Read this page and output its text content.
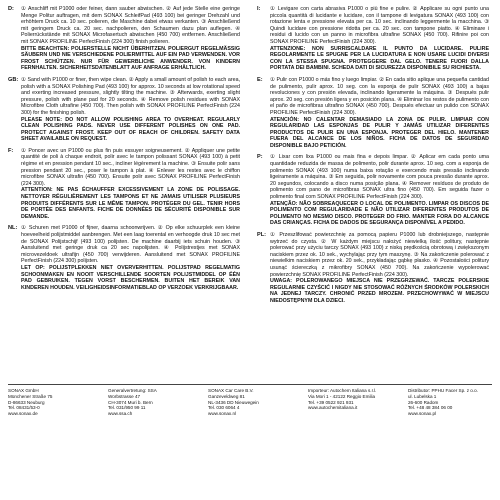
D:	① Anschliff mit P1000 oder feiner, dann sauber abwischen. ② Auf jede Stelle eine geringe Menge Politur auftragen, mit dem SONAX SchleifPad (493 100) bei geringer Drehzahl und erhöhtem Druck ca. 10 sec. polieren, die Maschine dabei etwas verkanten. ③ Anschließend mit geringem Druck ca. 20 sec. nachpolieren, den Schaumen dazu plan auflegen. ④ Polierrückstände mit SONAX Microfasertuch abwischen (450 700) entfernen. Anschließend mit SONAX PROFILINE PerfectFinish (224 300) finish polieren.

BITTE BEACHTEN: POLIERSTELLE NICHT ÜBERHITZEN. POLIERGUT REGELMÄSSIG SÄUBERN UND NIE VERSCHIEDENE POLIERMITTEL AUF EIN PAD VERWENDEN. VOR FROST SCHÜTZEN. NUR FÜR GEWERBLICHE ANWENDER. VON KINDERN FERNHALTEN. SICHERHEITSDATENBLATT AUF ANFRAGE ERHÄLTLICH.

GB: ① Sand with P1000 or finer, then wipe clean. ② Apply a small amount of polish to each area, polish with a SONAX Polishing Pad (493 100) for approx. 10 seconds at low rotational speed and exerting increased pressure, slightly tilting the machine. ③ Afterwards, exerting slight pressure, polish with plane pad for 20 seconds. ④ Remove polish residues with SONAX Microfibre Cloth ultrafine (450 700). Then polish with SONAX PROFILINE PerfectFinish (224 300) for the finishing polish.

PLEASE NOTE: DO NOT ALLOW POLISHING AREA TO OVERHEAT. REGULARLY CLEAN POLISHING PADS. NEVER USE DIFFERENT POLISHES ON ONE PAD. PROTECT AGAINST FROST. KEEP OUT OF REACH OF CHILDREN. SAFETY DATA SHEET AVAILABLE ON REQUEST.

F:	① Poncer avec un P1000 ou plus fin puis essuyer soigneusement. ② Appliquer une petite quantité de poli à chaque endroit, polir avec le tampon polissant SONAX (493 100) à petit régime et en pression pendant 10 sec., incliner légèrement la machine. ③ Ensuite polir sans pression pendant 20 sec., poser le tampon à plat. ④ Enlever les restes avec le chiffon microfibre SONAX ultrafin (450 700). Ensuite polir avec SONAX PROFILINE PerfectFinish (224 300).

ATTENTION: NE PAS ÉCHAUFFER EXCESSIVEMENT LA ZONE DE POLISSAGE. NETTOYER RÉGULIÈREMENT LES TAMPONS ET NE JAMAIS UTILISER PLUSIEURS PRODUITS DIFFÉRENTS SUR LE MÊME TAMPON. PROTÉGER DU GEL. TENIR HORS DE PORTÉE DES ENFANTS. FICHE DE DONNÉES DE SÉCURITÉ DISPONIBLE SUR DEMANDE.

NL: ① Schuren met P1000 of fijner, daarna schoonwrijven. ② Op elke schuurplek een kleine hoeveelheid polijstmiddel aanbrengen. Met een laag toerental en verhoogde druk 10 sec met de SONAX Polijstschijf (493 100) polijsten. De machine daarbij iets schuin houden. ③ Aansluitend met geringe druk ca 20 sec napolijsten. ④ Polijstrestjes met SONAX microvezeldoek ultrafijn (450 700) verwijderen. Aansluitend met SONAX PROFILINE PerfectFinish (224 300) polijsten.

LET OP: POLIJSTPLEKKEN NIET OVERVERHITTEN. POLIJSTPAD REGELMATIG SCHOONMAKEN EN NOOIT VERSCHILLENDE SOORTEN POLIJSTMIDDEL OP ÉÉN PAD GEBRUIKEN. TEGEN VORST BESCHERMEN. BUITEN HET BEREIK VAN KINDEREN HOUDEN. VEILIGHEIDSINFORMATIEBLAD OP VERZOEK VERKRIJGBAAR.

I:	① Levigare con carta abrasiva P1000 o più fine e pulire. ② Applicare su ogni punto una piccola quantità di lucidante e lucidare, con il tampone di levigatura SONAX (493 100) con rotazione lenta e pressione elevata per ca. 10 sec. inclinando leggermente la macchina. ③ Quindi lucidare con pressione ridotta per ca. 20 sec. con tampone piatto. ④ Eliminare i residui di lucido con un panno in microfibra ultrafine SONAX (450 700). Rifinire poi con SONAX PROFILINE PerfectFinish (224 300).

ATTENZIONE: NON SURRISCALDARE IL PUNTO DA LUCIDARE. PULIRE REGOLARMENTE LE SPUGNE PER LA LUCIDATURA E NON USARE LUCIDI DIVERSI CON LA STESSA SPUGNA. PROTEGGERE DAL GELO. TENERE FUORI DALLA PORTATA DEI BAMBINI. SCHEDA DATI DI SICUREZZA DISPONIBILE SU RICHIESTA.

E:	① Pulir con P1000 o más fino y luego limpiar. ② En cada sitio aplique una pequeña cantidad de pulimento, pulir aprox. 10 seg. con la esponja de pulir SONAX (493 100) a bajas revoluciones y con presión elevada, inclinando ligeramente la máquina. ③ Después pulir aprox. 20 seg. con presión ligera y en posición plana. ④ Eliminar los restos de pulimento con el paño de microfibras ultrafino SONAX (450 700). Después efectuar un pulido con SONAX PROFILINE PerfectFinish (224 300).

ATENCIÓN: NO CALENTAR DEMASIADO LA ZONA DE PULIR. LIMPIAR CON REGULARIDAD LAS ESPONJAS DE PULIR Y JAMÁS UTILIZAR DIFERENTES PRODUCTOS DE PULIR EN UNA ESPONJA. PROTEGER DEL HIELO. MANTENER FUERA DEL ALCANCE DE LOS NIÑOS. FICHA DE DATOS DE SEGURIDAD DISPONIBLE BAJO PETICIÓN.

P:	① Lixar com lixa P1000 ou mais fina e depois limpar. ② Aplicar em cada ponto uma quantidade reduzida de massa de polimento, polir durante aprox. 10 seg. com a esponja de polimento SONAX (493 100) numa baixa rotação e exercendo mais pressão inclinando ligeiramente a máquina. ③ Em seguida, polir novamente com pouca pressão durante aprox. 20 segundos, colocando a disco numa posição plana. ④ Remover resíduos de produto de polimento com pano de microfibras SONAX ultra fino (450 700). Em seguida fazer o polimento final com SONAX PROFILINE PerfectFinish (224 300).

ATENÇÃO: NÃO SOBREAQUECER O LOCAL DE POLIMENTO. LIMPAR OS DISCOS DE POLIMENTO COM REGULARIDADE E NÃO UTILIZAR DIFERENTES PRODUTOS DE POLIMENTO NO MESMO DISCO. PROTEGER DO FRIO. MANTER FORA DO ALCANCE DAS CRIANÇAS. FICHA DE DADOS DE SEGURANÇA DISPONÍVEL A PEDIDO.

PL: ① Przeszlifować powierzchnię za pomocą papieru P1000 lub drobniejszego, następnie wytrzeć do czysta. ② W każdym miejscu nałożyć niewielką ilość politury, następnie polerować przy użyciu tarczy SONAX (493 100) z niską prędkością obrotową i zwiększonym naciskiem przez ok. 10 sek., wychylając przy tym maszynę. ③ Na zakończenie polerować z niewielkim naciskiem przez ok. 20 sek., przykładając gąbkę płasko. ④ Pozostałości politury usunąć ściereczką z mikrofibry SONAX (450 700). Na zakończenie wypolerować powierzchnię SONAX PROFILINE PerfectFinish (224 300).

UWAGA: POLEROWANEGO MIEJSCA NIE PRZEGRZEWAĆ. TARCZE POLERSKIE REGULARNIE CZYŚCIĆ I NIGDY NIE STOSOWAĆ RÓŻNYCH ŚRODKÓW POLERSKICH NA JEDNEJ TARCZY. CHRONIĆ PRZED MROZEM. PRZECHOWYWAĆ W MIEJSCU NIEDOSTĘPNYM DLA DZIECI.

SONAX GmbH
Münchener Straße 75
D-86633 Neuburg
Tel. 08431/53-0
www.sonax.de
Generalvertretung: SSA
Worbstrasse 47
CH-3074 Muri b. Bern
Tel. 031/950 99 11
www.ssa.ch
SONAX Car Care B.V.
Ganzeveldweg 81
NL-3436 DD Nieuwegein
Tel. 030 6064 4
www.sonax.nl
Importeur: Autochem Italiana s.r.l.
Via Mori 1 - 42122 Reggio Emilia
Tel. +39 0522 921 931
www.autochemitaliana.it
Distributor: PPHU Facer Sp. z o.o.
ul. Lubelska 1
26-600 Radom
Tel. +48 48 384 06 00
www.sonax.pl
